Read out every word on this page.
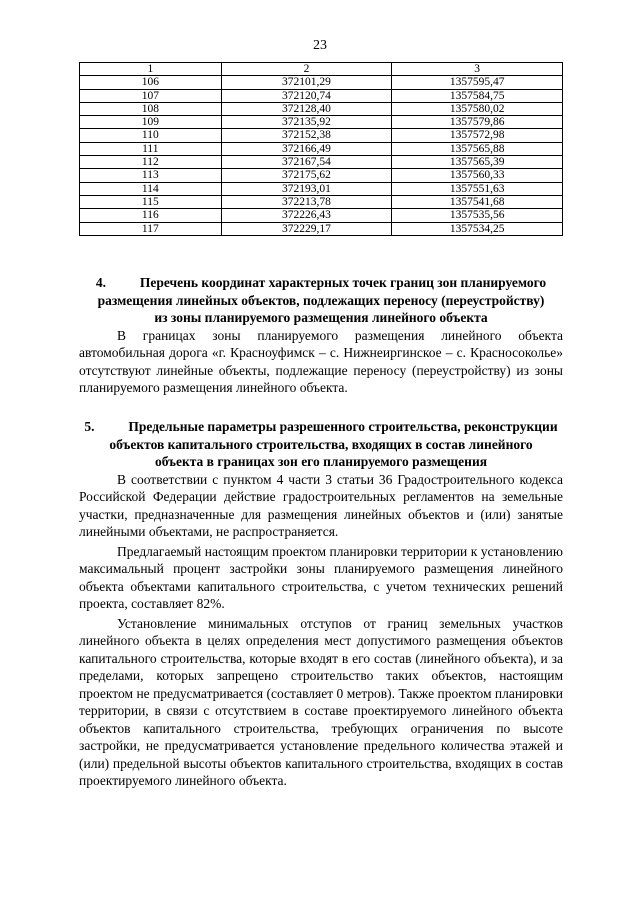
23
1	2	3
106	372101,29	1357595,47
107	372120,74	1357584,75
108	372128,40	1357580,02
109	372135,92	1357579,86
110	372152,38	1357572,98
111	372166,49	1357565,88
112	372167,54	1357565,39
113	372175,62	1357560,33
114	372193,01	1357551,63
115	372213,78	1357541,68
116	372226,43	1357535,56
117	372229,17	1357534,25
4.	Перечень координат характерных точек границ зон планируемого
размещения линейных объектов, подлежащих переносу (переустройству)
из зоны планируемого размещения линейного объекта

В границах зоны планируемого размещения линейного объекта автомобильная дорога «г. Красноуфимск – с. Нижнеиргинское – с. Красносоколье» отсутствуют линейные объекты, подлежащие переносу (переустройству) из зоны планируемого размещения линейного объекта.

5.	Предельные параметры разрешенного строительства, реконструкции
объектов капитального строительства, входящих в состав линейного
объекта в границах зон его планируемого размещения

В соответствии с пунктом 4 части 3 статьи 36 Градостроительного кодекса Российской Федерации действие градостроительных регламентов на земельные участки, предназначенные для размещения линейных объектов и (или) занятые линейными объектами, не распространяется.

Предлагаемый настоящим проектом планировки территории к установлению максимальный процент застройки зоны планируемого размещения линейного объекта объектами капитального строительства, с учетом технических решений проекта, составляет 82%.

Установление минимальных отступов от границ земельных участков линейного объекта в целях определения мест допустимого размещения объектов капитального строительства, которые входят в его состав (линейного объекта), и за пределами, которых запрещено строительство таких объектов, настоящим проектом не предусматривается (составляет 0 метров). Также проектом планировки территории, в связи с отсутствием в составе проектируемого линейного объекта объектов капитального строительства, требующих ограничения по высоте застройки, не предусматривается установление предельного количества этажей и (или) предельной высоты объектов капитального строительства, входящих в состав проектируемого линейного объекта.
